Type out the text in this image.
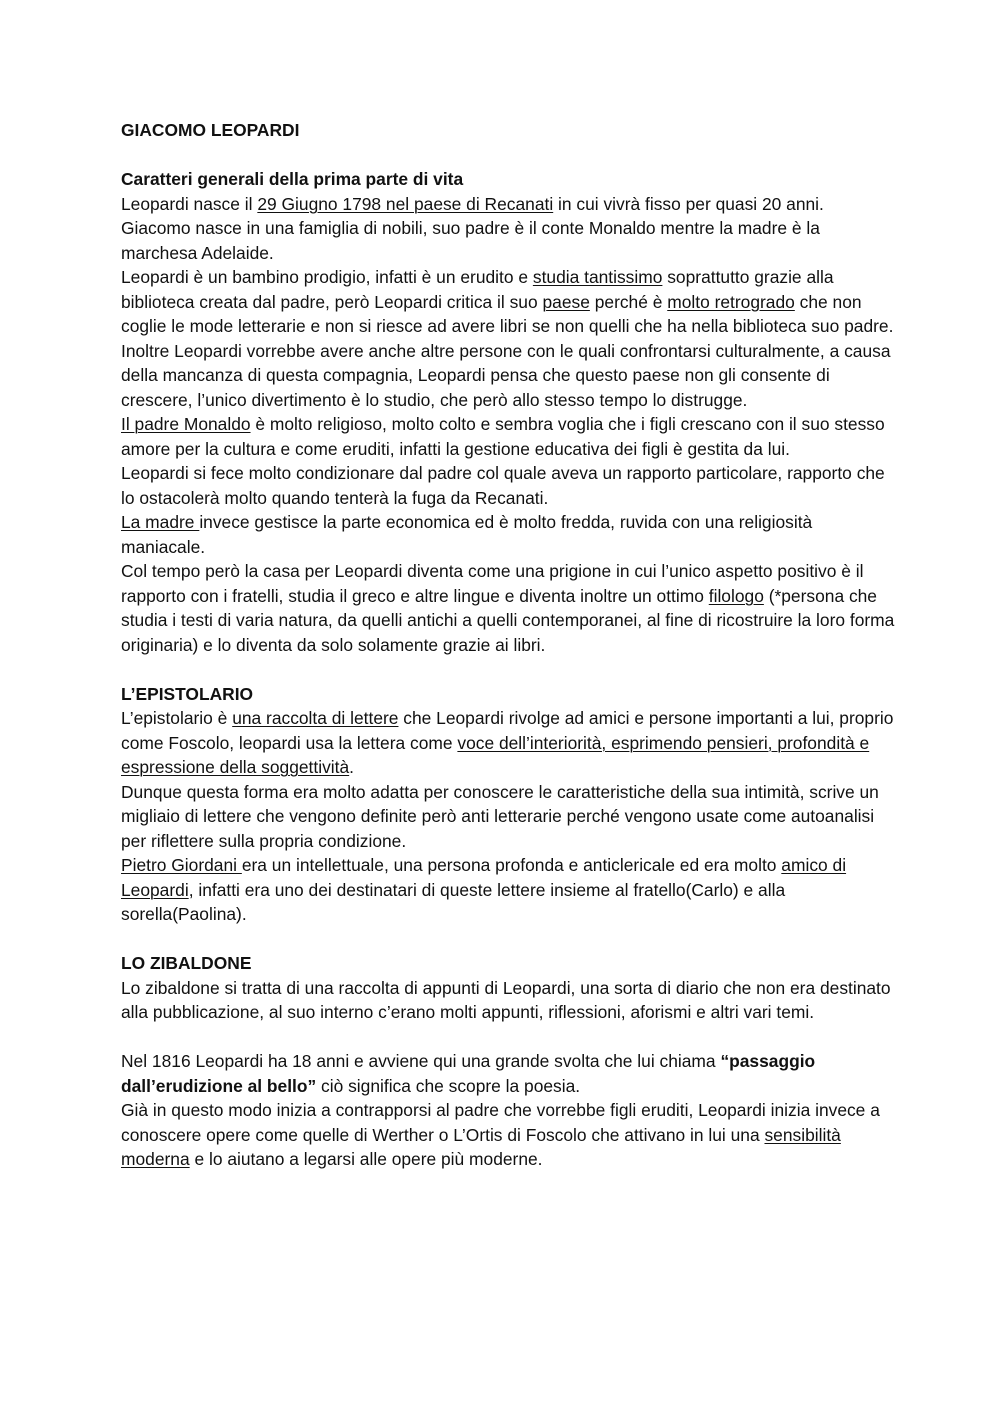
GIACOMO LEOPARDI

Caratteri generali della prima parte di vita

Leopardi nasce il 29 Giugno 1798 nel paese di Recanati in cui vivrà fisso per quasi 20 anni.

Giacomo nasce in una famiglia di nobili, suo padre è il conte Monaldo mentre la madre è la marchesa Adelaide.

Leopardi è un bambino prodigio, infatti è un erudito e studia tantissimo soprattutto grazie alla biblioteca creata dal padre, però Leopardi critica il suo paese perché è molto retrogrado che non coglie le mode letterarie e non si riesce ad avere libri se non quelli che ha nella biblioteca suo padre.

Inoltre Leopardi vorrebbe avere anche altre persone con le quali confrontarsi culturalmente, a causa della mancanza di questa compagnia, Leopardi pensa che questo paese non gli consente di crescere, l’unico divertimento è lo studio, che però allo stesso tempo lo distrugge.

Il padre Monaldo è molto religioso, molto colto e sembra voglia che i figli crescano con il suo stesso amore per la cultura e come eruditi, infatti la gestione educativa dei figli è gestita da lui.

Leopardi si fece molto condizionare dal padre col quale aveva un rapporto particolare, rapporto che lo ostacolerà molto quando tenterà la fuga da Recanati.

La madre invece gestisce la parte economica ed è molto fredda, ruvida con una religiosità maniacale.

Col tempo però la casa per Leopardi diventa come una prigione in cui l’unico aspetto positivo è il rapporto con i fratelli, studia il greco e altre lingue e diventa inoltre un ottimo filologo (*persona che studia i testi di varia natura, da quelli antichi a quelli contemporanei, al fine di ricostruire la loro forma originaria) e lo diventa da solo solamente grazie ai libri.

L’EPISTOLARIO

L’epistolario è una raccolta di lettere che Leopardi rivolge ad amici e persone importanti a lui, proprio come Foscolo, leopardi usa la lettera come voce dell’interiorità, esprimendo pensieri, profondità e espressione della soggettività.

Dunque questa forma era molto adatta per conoscere le caratteristiche della sua intimità, scrive un migliaio di lettere che vengono definite però anti letterarie perché vengono usate come autoanalisi per riflettere sulla propria condizione.

Pietro Giordani era un intellettuale, una persona profonda e anticlericale ed era molto amico di Leopardi, infatti era uno dei destinatari di queste lettere insieme al fratello(Carlo) e alla sorella(Paolina).

LO ZIBALDONE

Lo zibaldone si tratta di una raccolta di appunti di Leopardi, una sorta di diario che non era destinato alla pubblicazione, al suo interno c’erano molti appunti, riflessioni, aforismi e altri vari temi.

Nel 1816 Leopardi ha 18 anni e avviene qui una grande svolta che lui chiama “passaggio dall’erudizione al bello” ciò significa che scopre la poesia.

Già in questo modo inizia a contrapporsi al padre che vorrebbe figli eruditi, Leopardi inizia invece a conoscere opere come quelle di Werther o L’Ortis di Foscolo che attivano in lui una sensibilità moderna e lo aiutano a legarsi alle opere più moderne.
